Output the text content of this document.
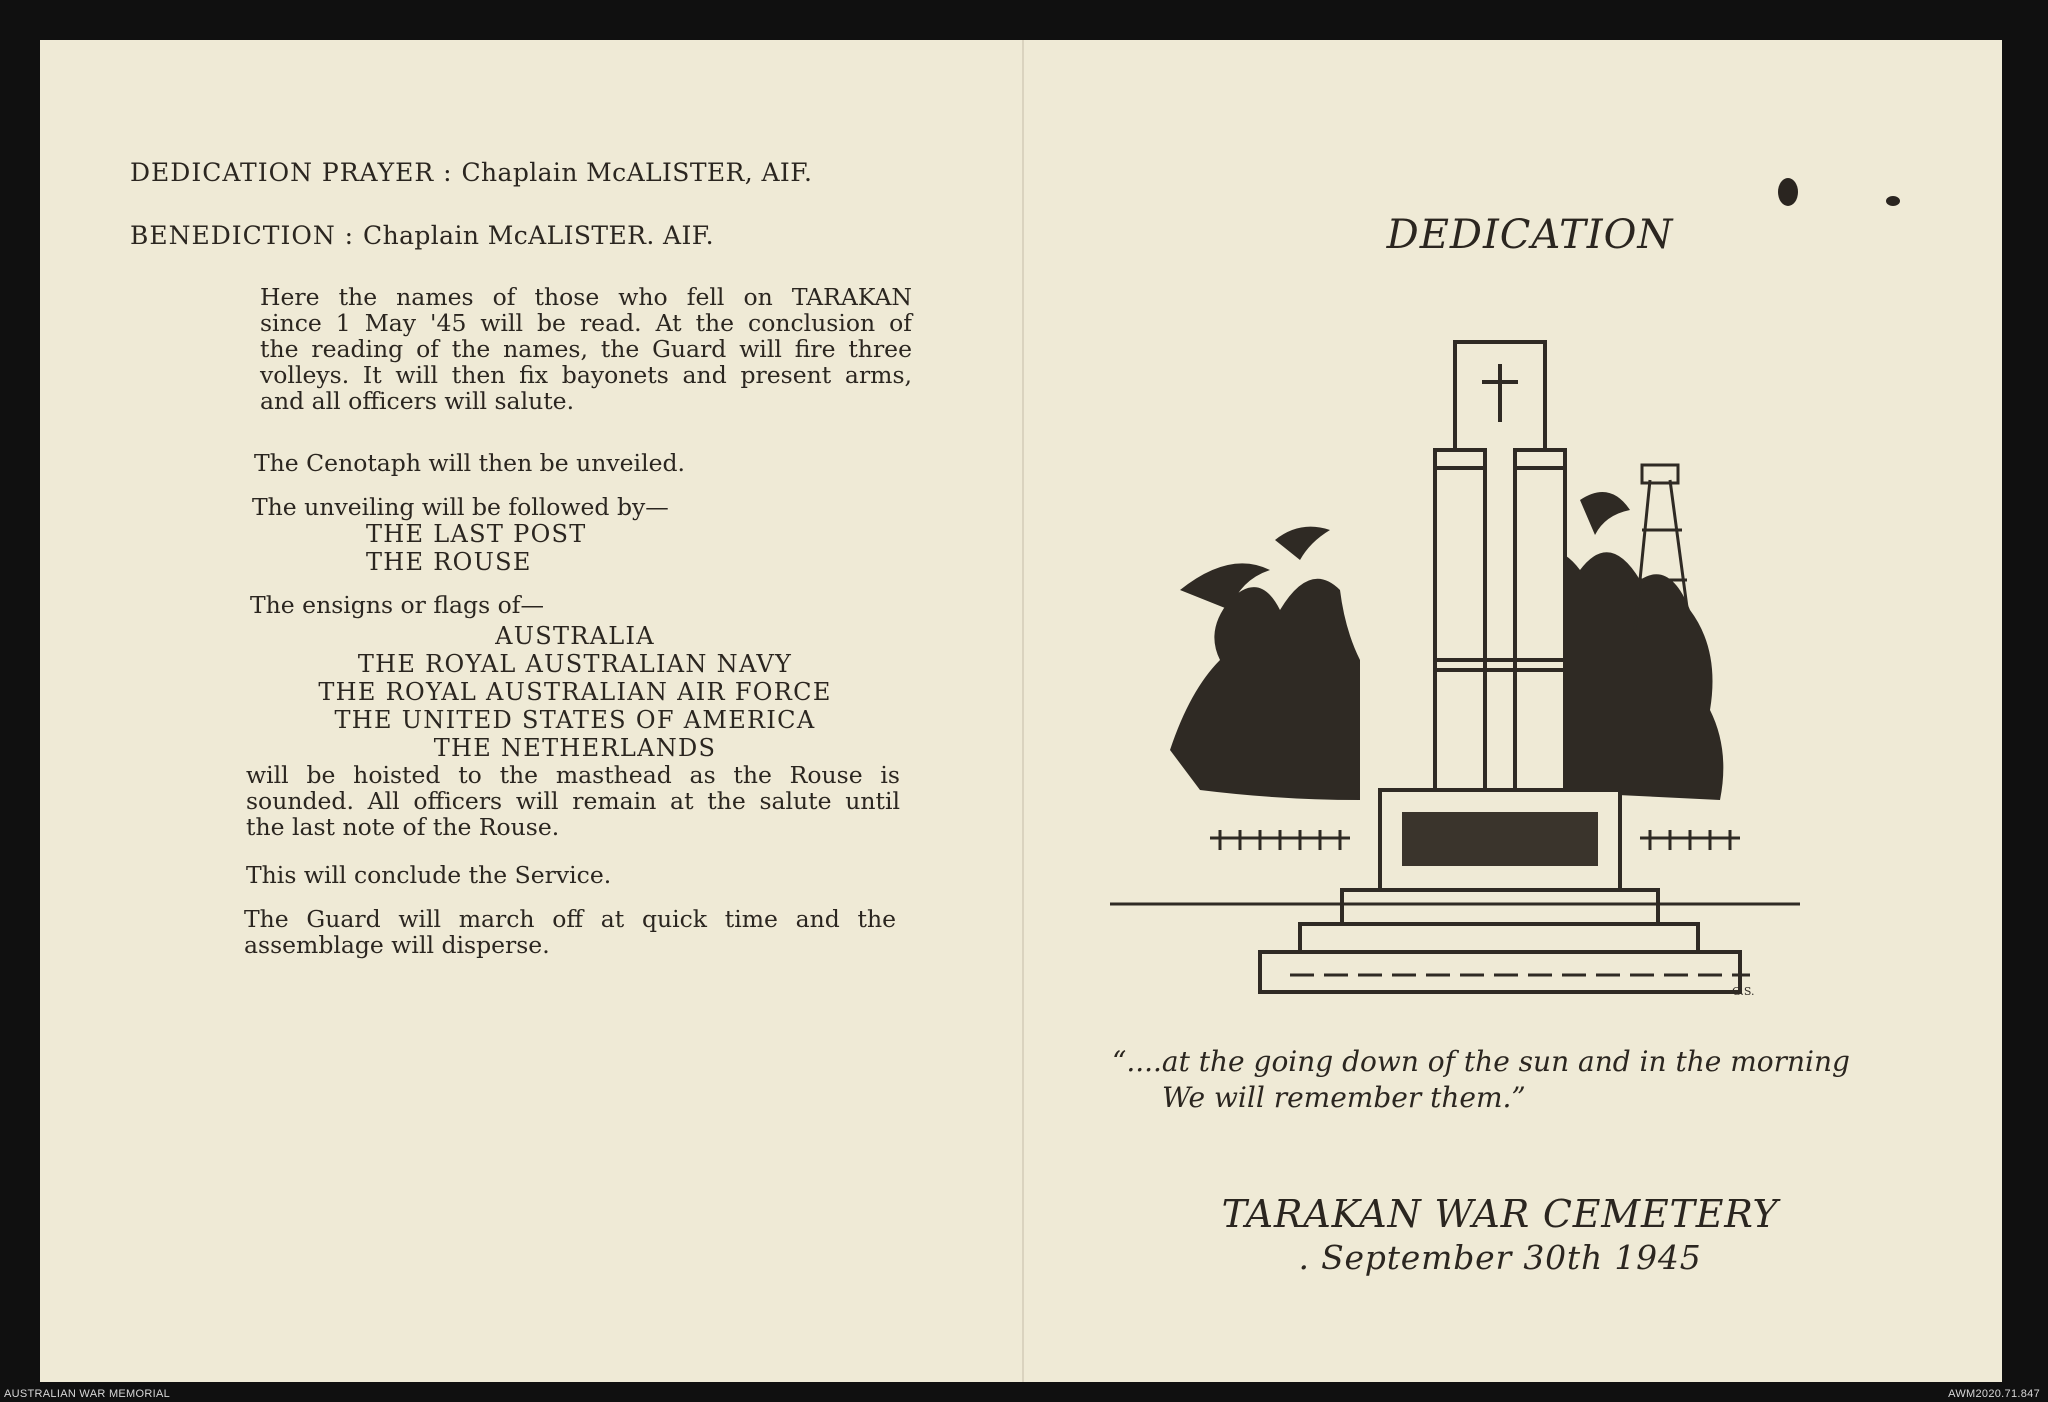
DEDICATION PRAYER : Chaplain McALISTER, AIF.

BENEDICTION : Chaplain McALISTER. AIF.

Here the names of those who fell on TARAKAN

since 1 May '45 will be read. At the conclusion of

the reading of the names, the Guard will fire three

volleys. It will then fix bayonets and present arms,

and all officers will salute.

The Cenotaph will then be unveiled.

The unveiling will be followed by—

THE LAST POST

THE ROUSE

The ensigns or flags of—

AUSTRALIA

THE ROYAL AUSTRALIAN NAVY

THE ROYAL AUSTRALIAN AIR FORCE

THE UNITED STATES OF AMERICA

THE NETHERLANDS

will be hoisted to the masthead as the Rouse is

sounded. All officers will remain at the salute until

the last note of the Rouse.

This will conclude the Service.

The Guard will march off at quick time and the

assemblage will disperse.

DEDICATION
G.S.
“....at the going down of the sun and in the morning
We will remember them.”
TARAKAN WAR CEMETERY
. September 30th 1945
AUSTRALIAN WAR MEMORIAL	AWM2020.71.847
